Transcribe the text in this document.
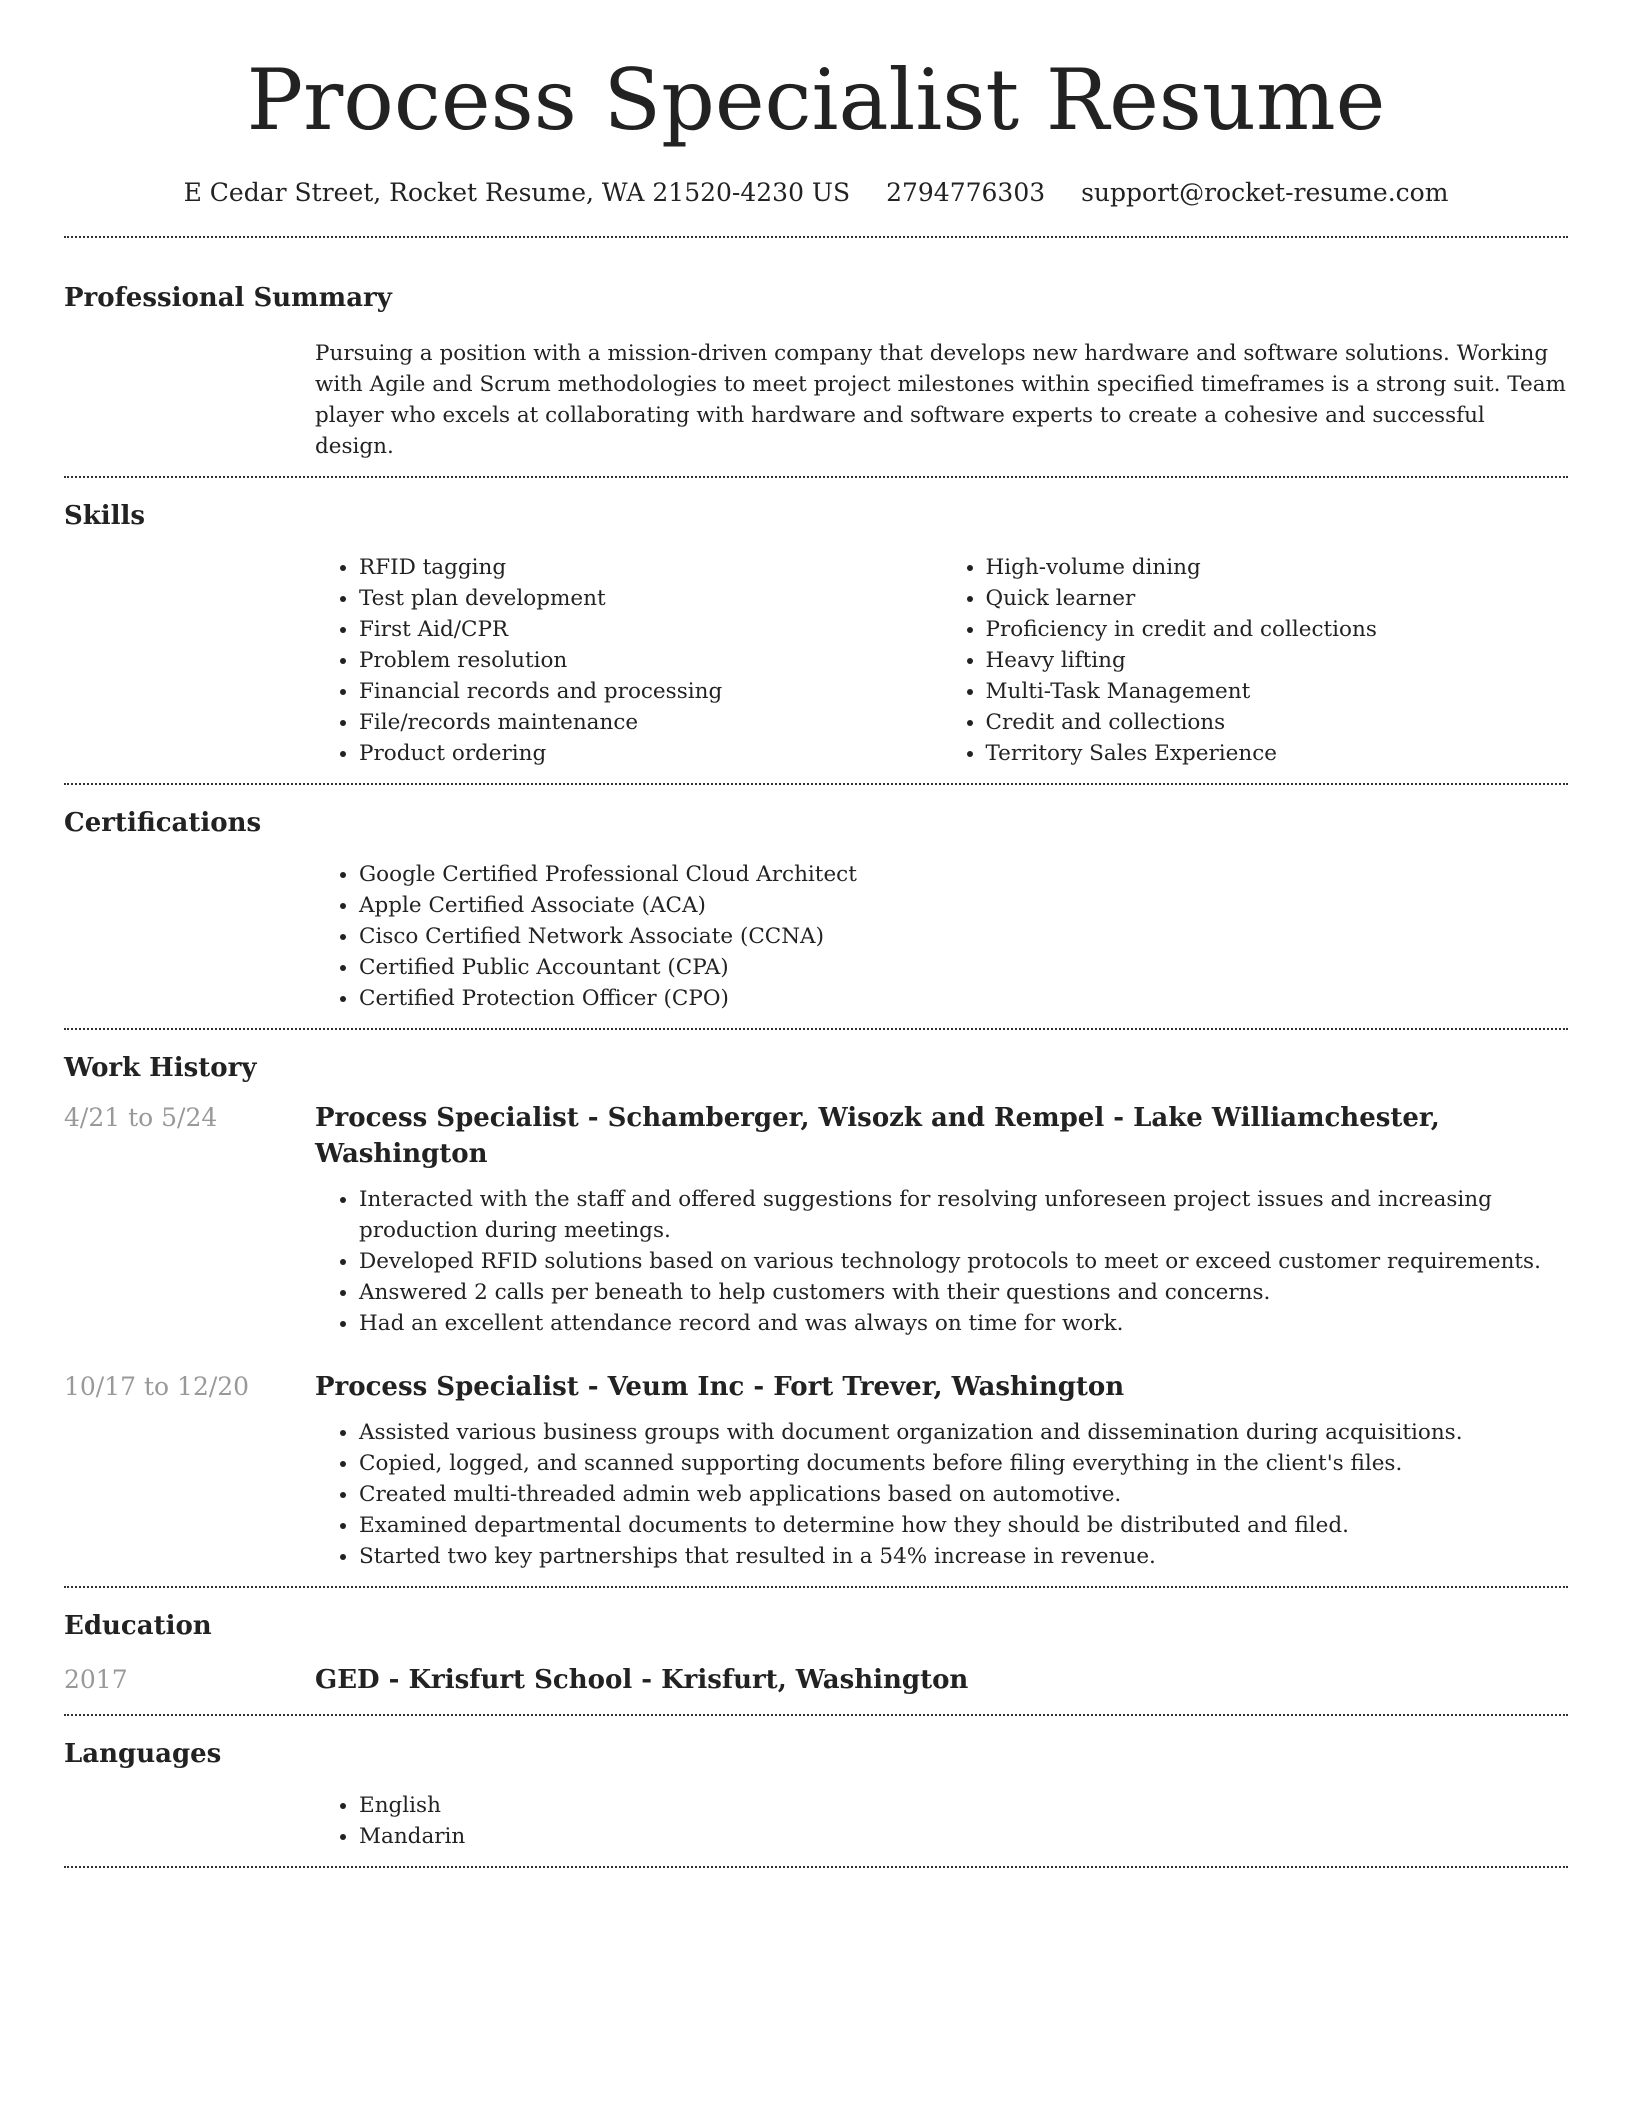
Process Specialist Resume
E Cedar Street, Rocket Resume, WA 21520-4230 US 2794776303 support@rocket-resume.com
Professional Summary

Pursuing a position with a mission-driven company that develops new hardware and software solutions. Working with Agile and Scrum methodologies to meet project milestones within specified timeframes is a strong suit. Team player who excels at collaborating with hardware and software experts to create a cohesive and successful design.

Skills
• RFID tagging
• Test plan development
• First Aid/CPR
• Problem resolution
• Financial records and processing
• File/records maintenance
• Product ordering
• High-volume dining
• Quick learner
• Proficiency in credit and collections
• Heavy lifting
• Multi-Task Management
• Credit and collections
• Territory Sales Experience
Certifications
• Google Certified Professional Cloud Architect
• Apple Certified Associate (ACA)
• Cisco Certified Network Associate (CCNA)
• Certified Public Accountant (CPA)
• Certified Protection Officer (CPO)
Work History
4/21 to 5/24	Process Specialist - Schamberger, Wisozk and Rempel - Lake Williamchester, Washington
• Interacted with the staff and offered suggestions for resolving unforeseen project issues and increasing production during meetings.
• Developed RFID solutions based on various technology protocols to meet or exceed customer requirements.
• Answered 2 calls per beneath to help customers with their questions and concerns.
• Had an excellent attendance record and was always on time for work.
10/17 to 12/20	Process Specialist - Veum Inc - Fort Trever, Washington
• Assisted various business groups with document organization and dissemination during acquisitions.
• Copied, logged, and scanned supporting documents before filing everything in the client's files.
• Created multi-threaded admin web applications based on automotive.
• Examined departmental documents to determine how they should be distributed and filed.
• Started two key partnerships that resulted in a 54% increase in revenue.
Education
2017	GED - Krisfurt School - Krisfurt, Washington
Languages
• English
• Mandarin
